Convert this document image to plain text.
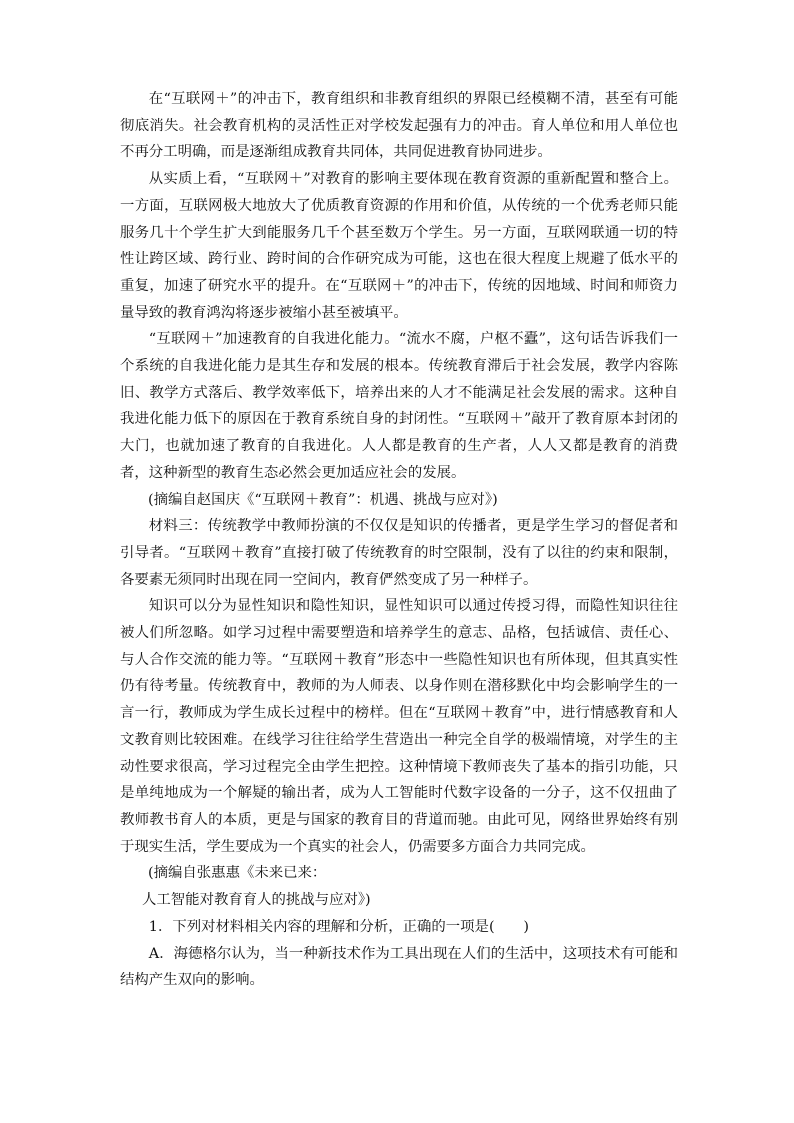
在“互联网＋”的冲击下，教育组织和非教育组织的界限已经模糊不清，甚至有可能彻底消失。社会教育机构的灵活性正对学校发起强有力的冲击。育人单位和用人单位也不再分工明确，而是逐渐组成教育共同体，共同促进教育协同进步。

从实质上看，“互联网＋”对教育的影响主要体现在教育资源的重新配置和整合上。一方面，互联网极大地放大了优质教育资源的作用和价值，从传统的一个优秀老师只能服务几十个学生扩大到能服务几千个甚至数万个学生。另一方面，互联网联通一切的特性让跨区域、跨行业、跨时间的合作研究成为可能，这也在很大程度上规避了低水平的重复，加速了研究水平的提升。在“互联网＋”的冲击下，传统的因地域、时间和师资力量导致的教育鸿沟将逐步被缩小甚至被填平。

“互联网＋”加速教育的自我进化能力。“流水不腐，户枢不蠹”，这句话告诉我们一个系统的自我进化能力是其生存和发展的根本。传统教育滞后于社会发展，教学内容陈旧、教学方式落后、教学效率低下，培养出来的人才不能满足社会发展的需求。这种自我进化能力低下的原因在于教育系统自身的封闭性。“互联网＋”敲开了教育原本封闭的大门，也就加速了教育的自我进化。人人都是教育的生产者，人人又都是教育的消费者，这种新型的教育生态必然会更加适应社会的发展。

(摘编自赵国庆《“互联网＋教育”：机遇、挑战与应对》)

材料三：传统教学中教师扮演的不仅仅是知识的传播者，更是学生学习的督促者和引导者。“互联网＋教育”直接打破了传统教育的时空限制，没有了以往的约束和限制，各要素无须同时出现在同一空间内，教育俨然变成了另一种样子。

知识可以分为显性知识和隐性知识，显性知识可以通过传授习得，而隐性知识往往被人们所忽略。如学习过程中需要塑造和培养学生的意志、品格，包括诚信、责任心、与人合作交流的能力等。“互联网＋教育”形态中一些隐性知识也有所体现，但其真实性仍有待考量。传统教育中，教师的为人师表、以身作则在潜移默化中均会影响学生的一言一行，教师成为学生成长过程中的榜样。但在“互联网＋教育”中，进行情感教育和人文教育则比较困难。在线学习往往给学生营造出一种完全自学的极端情境，对学生的主动性要求很高，学习过程完全由学生把控。这种情境下教师丧失了基本的指引功能，只是单纯地成为一个解疑的输出者，成为人工智能时代数字设备的一分子，这不仅扭曲了教师教书育人的本质，更是与国家的教育目的背道而驰。由此可见，网络世界始终有别于现实生活，学生要成为一个真实的社会人，仍需要多方面合力共同完成。

(摘编自张惠惠《未来已来：
人工智能对教育育人的挑战与应对》)

1．下列对材料相关内容的理解和分析，正确的一项是(　　)

A．海德格尔认为，当一种新技术作为工具出现在人们的生活中，这项技术有可能和结构产生双向的影响。
